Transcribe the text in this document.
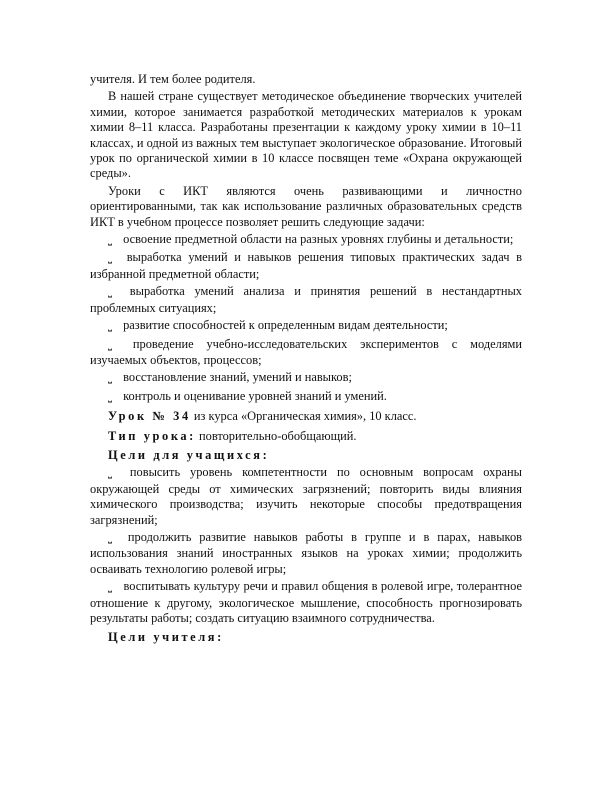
учителя. И тем более родителя.

В нашей стране существует методическое объединение творческих учителей химии, которое занимается разработкой методических материалов к урокам химии 8–11 класса. Разработаны презентации к каждому уроку химии в 10–11 классах, и одной из важных тем выступает экологическое образование. Итоговый урок по органической химии в 10 классе посвящен теме «Охрана окружающей среды».

Уроки с ИКТ являются очень развивающими и личностно ориентированными, так как использование различных образовательных средств ИКТ в учебном процессе позволяет решить следующие задачи:

⎵ освоение предметной области на разных уровнях глубины и детальности;

⎵ выработка умений и навыков решения типовых практических задач в избранной предметной области;

⎵ выработка умений анализа и принятия решений в нестандартных проблемных ситуациях;

⎵ развитие способностей к определенным видам деятельности;

⎵ проведение учебно-исследовательских экспериментов с моделями изучаемых объектов, процессов;

⎵ восстановление знаний, умений и навыков;

⎵ контроль и оценивание уровней знаний и умений.

Урок № 34 из курса «Органическая химия», 10 класс.

Тип урока: повторительно-обобщающий.

Цели для учащихся:

⎵ повысить уровень компетентности по основным вопросам охраны окружающей среды от химических загрязнений; повторить виды влияния химического производства; изучить некоторые способы предотвращения загрязнений;

⎵ продолжить развитие навыков работы в группе и в парах, навыков использования знаний иностранных языков на уроках химии; продолжить осваивать технологию ролевой игры;

⎵ воспитывать культуру речи и правил общения в ролевой игре, толерантное отношение к другому, экологическое мышление, способность прогнозировать результаты работы; создать ситуацию взаимного сотрудничества.

Цели учителя:
